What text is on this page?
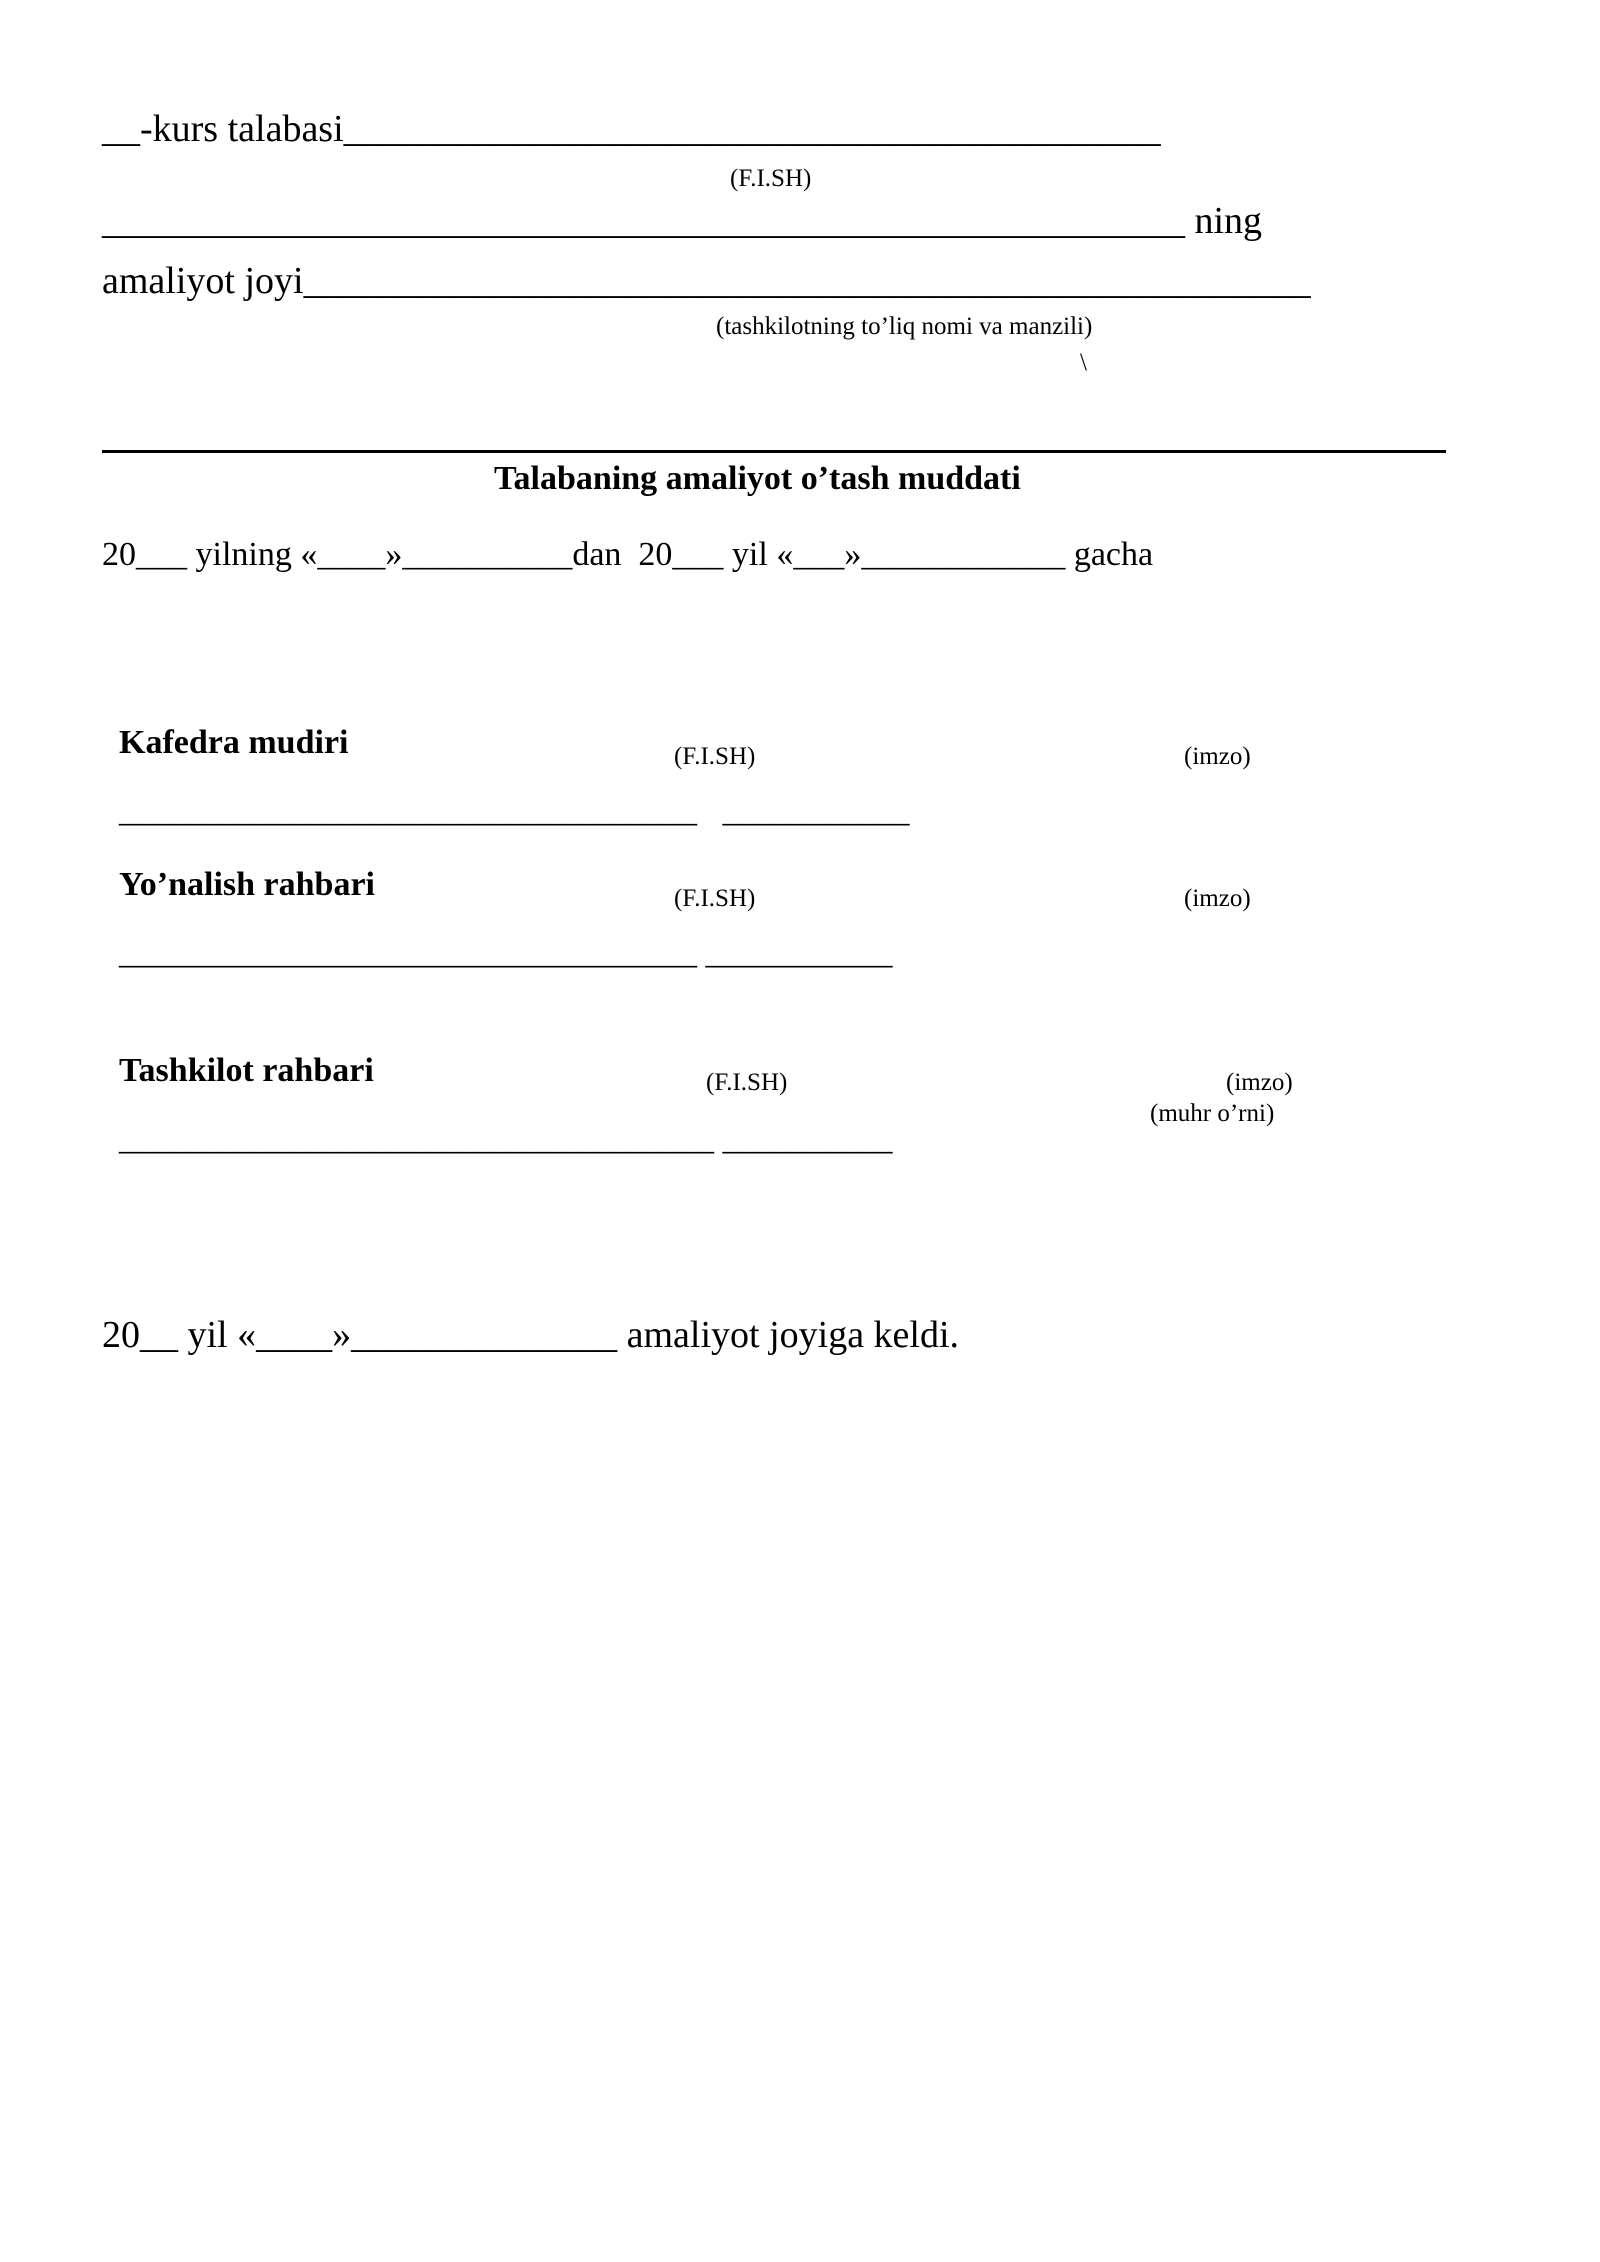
__-kurs talabasi___________________________________________
(F.I.SH)
_________________________________________________________ ning
amaliyot joyi_____________________________________________________
(tashkilotning to’liq nomi va manzili)
\
Talabaning amaliyot o’tash muddati
20___ yilning «____»__________dan  20___ yil «___»____________ gacha

Kafedra mudiri

__________________________________   ___________

(F.I.SH)	(imzo)

Yo’nalish rahbari

__________________________________ ___________

(F.I.SH)	(imzo)

Tashkilot rahbari

___________________________________ __________

(F.I.SH)	(imzo)
(muhr o’rni)
20__ yil «____»______________ amaliyot joyiga keldi.
